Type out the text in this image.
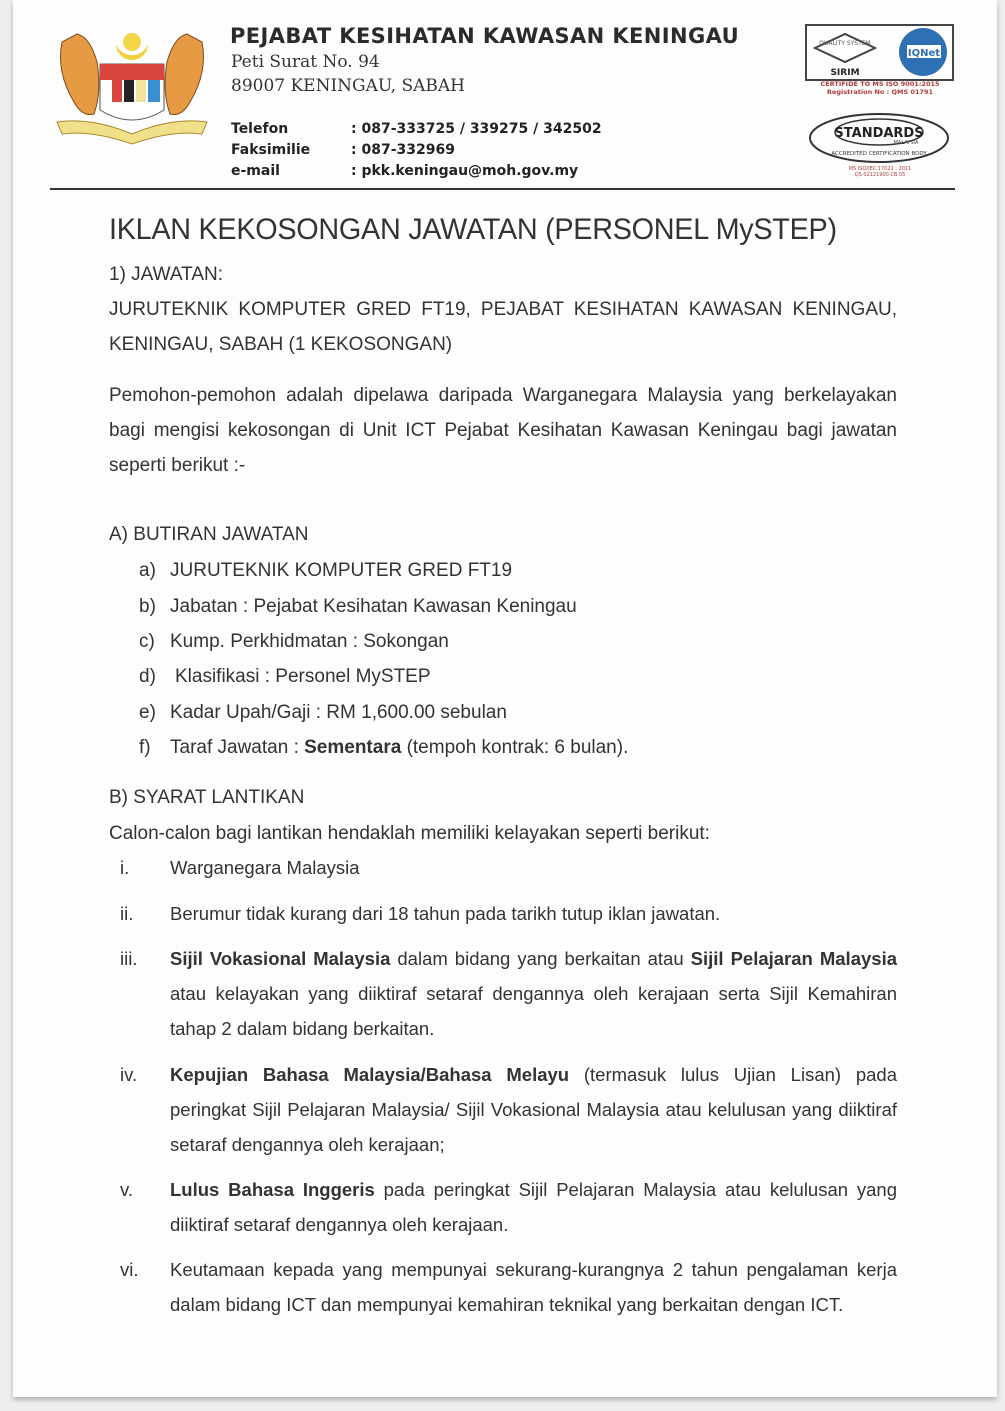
PEJABAT KESIHATAN KAWASAN KENINGAU
Peti Surat No. 94
89007 KENINGAU, SABAH
Telefon	: 087-333725 / 339275 / 342502
Faksimilie	: 087-332969
e-mail	: pkk.keningau@moh.gov.my
QUALITY SYSTEM
SIRIM
IQNet
CERTIFIDE TO MS ISO 9001:2015
Registration No : QMS 01791
STANDARDS
MALAYSIA
ACCREDITED CERTIFICATION BODY
MS ISO/IEC 17021 : 2011
QS 02121900 CB 05
IKLAN KEKOSONGAN JAWATAN (PERSONEL MySTEP)
1) JAWATAN:
JURUTEKNIK KOMPUTER GRED FT19, PEJABAT KESIHATAN KAWASAN KENINGAU, KENINGAU, SABAH (1 KEKOSONGAN)
Pemohon-pemohon adalah dipelawa daripada Warganegara Malaysia yang berkelayakan bagi mengisi kekosongan di Unit ICT Pejabat Kesihatan Kawasan Keningau bagi jawatan seperti berikut :-
A) BUTIRAN JAWATAN
a) JURUTEKNIK KOMPUTER GRED FT19
b) Jabatan : Pejabat Kesihatan Kawasan Keningau
c) Kump. Perkhidmatan : Sokongan
d) Klasifikasi : Personel MySTEP
e) Kadar Upah/Gaji : RM 1,600.00 sebulan
f) Taraf Jawatan : Sementara (tempoh kontrak: 6 bulan).
B) SYARAT LANTIKAN
Calon-calon bagi lantikan hendaklah memiliki kelayakan seperti berikut:
i. Warganegara Malaysia
ii. Berumur tidak kurang dari 18 tahun pada tarikh tutup iklan jawatan.
iii. Sijil Vokasional Malaysia dalam bidang yang berkaitan atau Sijil Pelajaran Malaysia atau kelayakan yang diiktiraf setaraf dengannya oleh kerajaan serta Sijil Kemahiran tahap 2 dalam bidang berkaitan.
iv. Kepujian Bahasa Malaysia/Bahasa Melayu (termasuk lulus Ujian Lisan) pada peringkat Sijil Pelajaran Malaysia/ Sijil Vokasional Malaysia atau kelulusan yang diiktiraf setaraf dengannya oleh kerajaan;
v. Lulus Bahasa Inggeris pada peringkat Sijil Pelajaran Malaysia atau kelulusan yang diiktiraf setaraf dengannya oleh kerajaan.
vi. Keutamaan kepada yang mempunyai sekurang-kurangnya 2 tahun pengalaman kerja dalam bidang ICT dan mempunyai kemahiran teknikal yang berkaitan dengan ICT.
